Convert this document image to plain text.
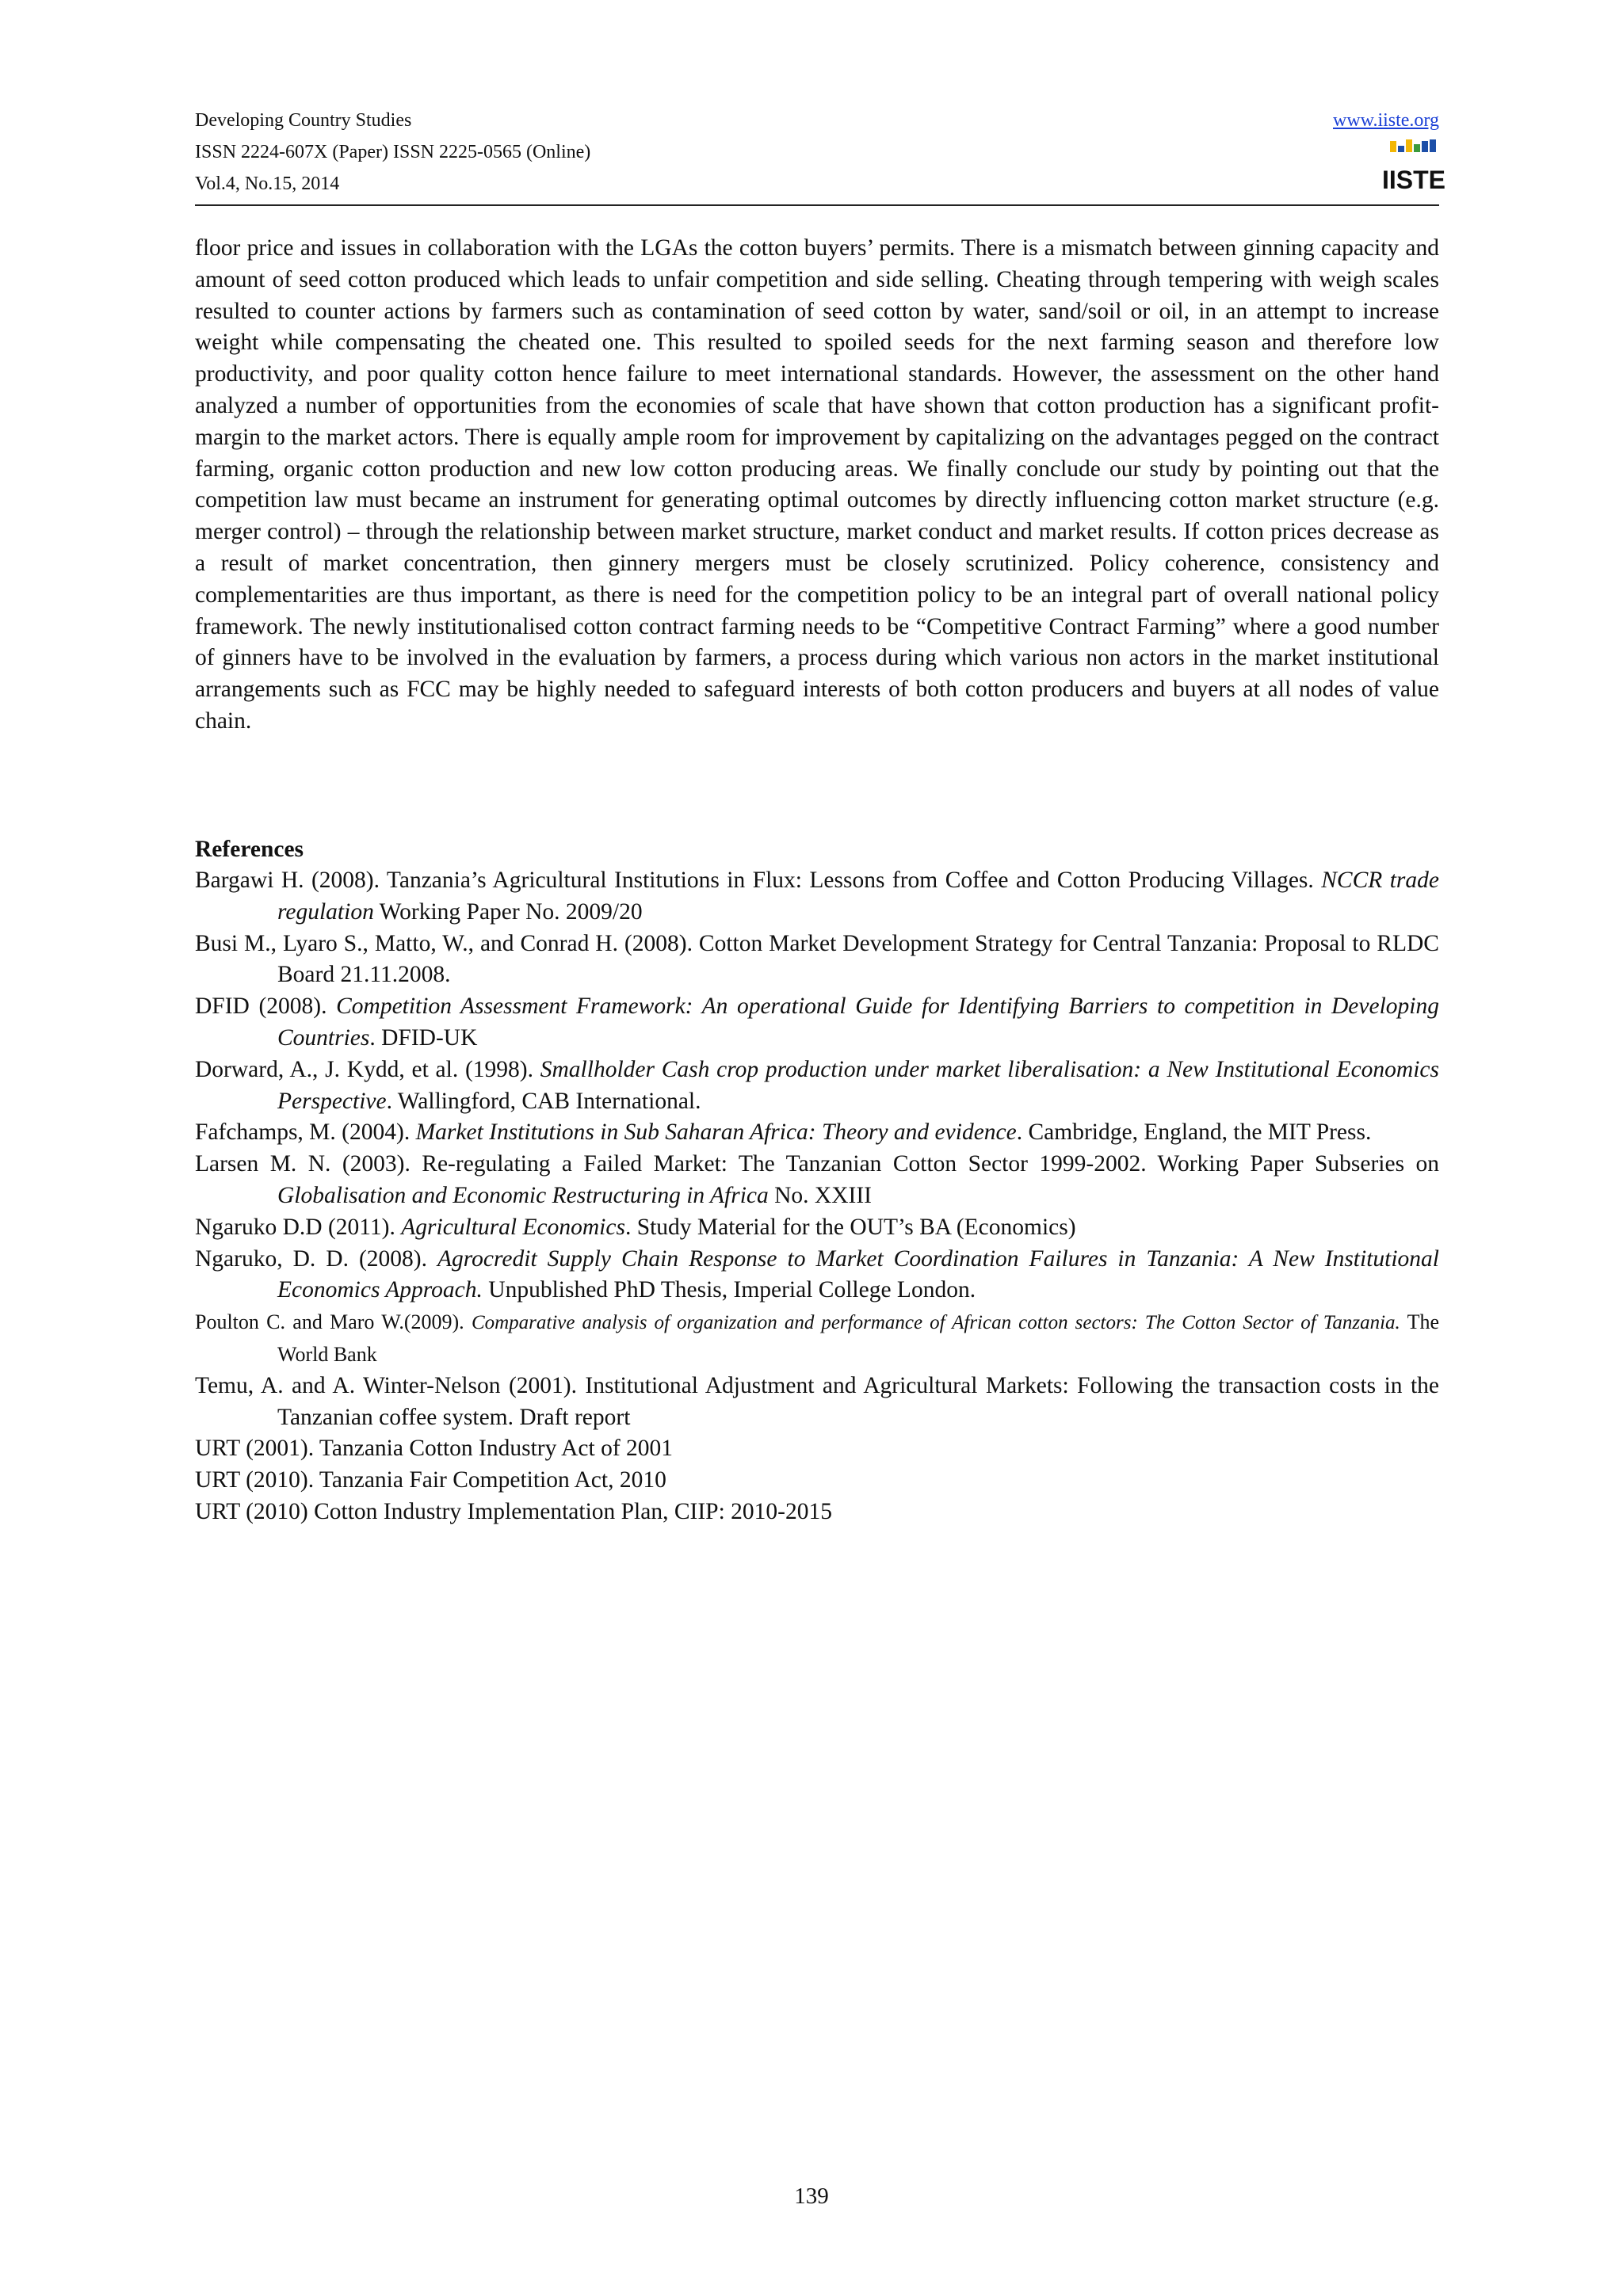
Developing Country Studies
ISSN 2224-607X (Paper) ISSN 2225-0565 (Online)
Vol.4, No.15, 2014
www.iiste.org
IISTE
floor price and issues in collaboration with the LGAs the cotton buyers’ permits. There is a mismatch between ginning capacity and amount of seed cotton produced which leads to unfair competition and side selling. Cheating through tempering with weigh scales resulted to counter actions by farmers such as contamination of seed cotton by water, sand/soil or oil, in an attempt to increase weight while compensating the cheated one. This resulted to spoiled seeds for the next farming season and therefore low productivity, and poor quality cotton hence failure to meet international standards. However, the assessment on the other hand analyzed a number of opportunities from the economies of scale that have shown that cotton production has a significant profit-margin to the market actors. There is equally ample room for improvement by capitalizing on the advantages pegged on the contract farming, organic cotton production and new low cotton producing areas. We finally conclude our study by pointing out that the competition law must became an instrument for generating optimal outcomes by directly influencing cotton market structure (e.g. merger control) – through the relationship between market structure, market conduct and market results. If cotton prices decrease as a result of market concentration, then ginnery mergers must be closely scrutinized. Policy coherence, consistency and complementarities are thus important, as there is need for the competition policy to be an integral part of overall national policy framework. The newly institutionalised cotton contract farming needs to be “Competitive Contract Farming” where a good number of ginners have to be involved in the evaluation by farmers, a process during which various non actors in the market institutional arrangements such as FCC may be highly needed to safeguard interests of both cotton producers and buyers at all nodes of value chain.
References
Bargawi H. (2008). Tanzania’s Agricultural Institutions in Flux: Lessons from Coffee and Cotton Producing Villages. NCCR trade regulation Working Paper No. 2009/20
Busi M., Lyaro S., Matto, W., and Conrad H. (2008). Cotton Market Development Strategy for Central Tanzania: Proposal to RLDC Board 21.11.2008.
DFID (2008). Competition Assessment Framework: An operational Guide for Identifying Barriers to competition in Developing Countries. DFID-UK
Dorward, A., J. Kydd, et al. (1998). Smallholder Cash crop production under market liberalisation: a New Institutional Economics Perspective. Wallingford, CAB International.
Fafchamps, M. (2004). Market Institutions in Sub Saharan Africa: Theory and evidence. Cambridge, England, the MIT Press.
Larsen M. N. (2003). Re-regulating a Failed Market: The Tanzanian Cotton Sector 1999-2002. Working Paper Subseries on Globalisation and Economic Restructuring in Africa No. XXIII
Ngaruko D.D (2011). Agricultural Economics. Study Material for the OUT’s BA (Economics)
Ngaruko, D. D. (2008). Agrocredit Supply Chain Response to Market Coordination Failures in Tanzania: A New Institutional Economics Approach. Unpublished PhD Thesis, Imperial College London.
Poulton C. and Maro W.(2009). Comparative analysis of organization and performance of African cotton sectors: The Cotton Sector of Tanzania. The World Bank
Temu, A. and A. Winter-Nelson (2001). Institutional Adjustment and Agricultural Markets: Following the transaction costs in the Tanzanian coffee system. Draft report
URT (2001). Tanzania Cotton Industry Act of 2001
URT (2010). Tanzania Fair Competition Act, 2010
URT (2010) Cotton Industry Implementation Plan, CIIP: 2010-2015
139
